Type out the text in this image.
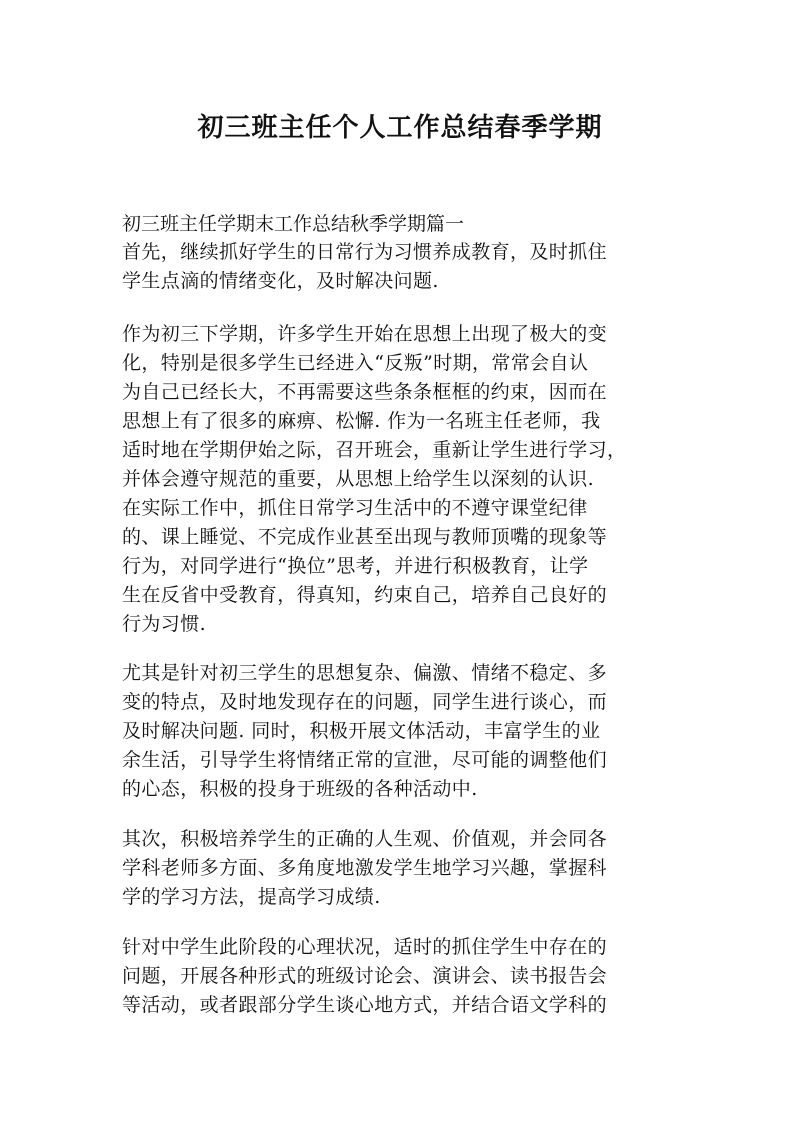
初三班主任个人工作总结春季学期
初三班主任学期末工作总结秋季学期篇一
首先，继续抓好学生的日常行为习惯养成教育，及时抓住
学生点滴的情绪变化，及时解决问题.
作为初三下学期，许多学生开始在思想上出现了极大的变
化，特别是很多学生已经进入“反叛”时期，常常会自认
为自己已经长大，不再需要这些条条框框的约束，因而在
思想上有了很多的麻痹、松懈. 作为一名班主任老师，我
适时地在学期伊始之际，召开班会，重新让学生进行学习，
并体会遵守规范的重要，从思想上给学生以深刻的认识.
在实际工作中，抓住日常学习生活中的不遵守课堂纪律
的、课上睡觉、不完成作业甚至出现与教师顶嘴的现象等
行为，对同学进行“换位”思考，并进行积极教育，让学
生在反省中受教育，得真知，约束自己，培养自己良好的
行为习惯.
尤其是针对初三学生的思想复杂、偏激、情绪不稳定、多
变的特点，及时地发现存在的问题，同学生进行谈心，而
及时解决问题. 同时，积极开展文体活动，丰富学生的业
余生活，引导学生将情绪正常的宣泄，尽可能的调整他们
的心态，积极的投身于班级的各种活动中.
其次，积极培养学生的正确的人生观、价值观，并会同各
学科老师多方面、多角度地激发学生地学习兴趣，掌握科
学的学习方法，提高学习成绩.
针对中学生此阶段的心理状况，适时的抓住学生中存在的
问题，开展各种形式的班级讨论会、演讲会、读书报告会
等活动，或者跟部分学生谈心地方式，并结合语文学科的
